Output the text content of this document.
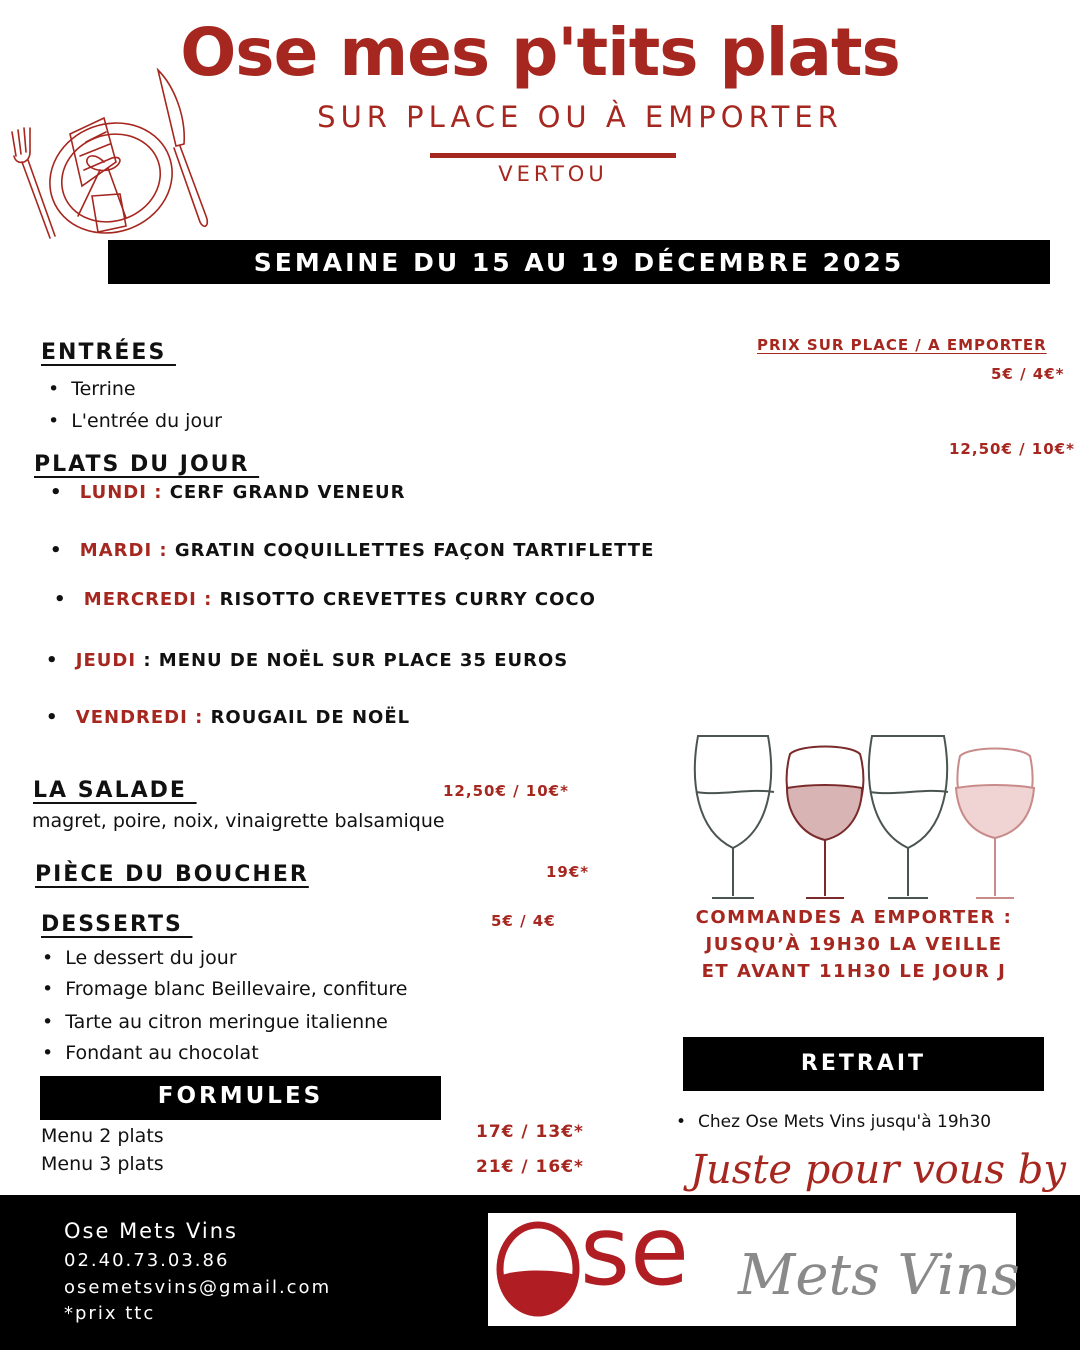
Ose mes p'tits plats
SUR PLACE OU À EMPORTER
VERTOU
SEMAINE DU 15 AU 19 DÉCEMBRE 2025
PRIX SUR PLACE / A EMPORTER
ENTRÉES
5€ / 4€*
• Terrine
• L'entrée du jour
PLATS DU JOUR
12,50€ / 10€*
• LUNDI : CERF GRAND VENEUR
• MARDI : GRATIN COQUILLETTES FAÇON TARTIFLETTE
• MERCREDI : RISOTTO CREVETTES CURRY COCO
• JEUDI : MENU DE NOËL SUR PLACE 35 EUROS
• VENDREDI : ROUGAIL DE NOËL
LA SALADE	12,50€ / 10€*
magret, poire, noix, vinaigrette balsamique
PIÈCE DU BOUCHER	19€*
COMMANDES A EMPORTER :
JUSQU’À 19H30 LA VEILLE
ET AVANT 11H30 LE JOUR J
DESSERTS	5€ / 4€
• Le dessert du jour
• Fromage blanc Beillevaire, confiture
• Tarte au citron meringue italienne
• Fondant au chocolat	RETRAIT
• Chez Ose Mets Vins jusqu'à 19h30
FORMULES
Menu 2 plats	17€ / 13€*
Menu 3 plats	21€ / 16€*	Juste pour vous by
Ose Mets Vins
02.40.73.03.86
osemetsvins@gmail.com
*prix ttc
se Mets Vins
